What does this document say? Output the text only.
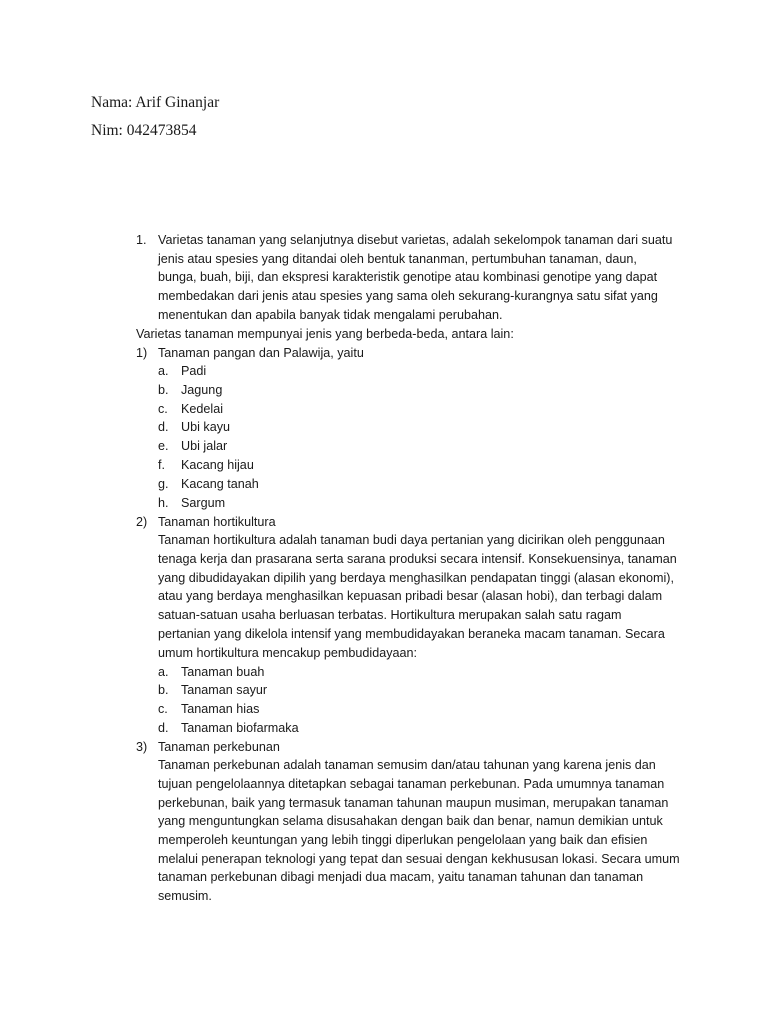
Nama: Arif Ginanjar
Nim: 042473854
1. Varietas tanaman yang selanjutnya disebut varietas, adalah sekelompok tanaman dari suatu
jenis atau spesies yang ditandai oleh bentuk tananman, pertumbuhan tanaman, daun,
bunga, buah, biji, dan ekspresi karakteristik genotipe atau kombinasi genotipe yang dapat
membedakan dari jenis atau spesies yang sama oleh sekurang-kurangnya satu sifat yang
menentukan dan apabila banyak tidak mengalami perubahan.
Varietas tanaman mempunyai jenis yang berbeda-beda, antara lain:
1) Tanaman pangan dan Palawija, yaitu
a. Padi
b. Jagung
c. Kedelai
d. Ubi kayu
e. Ubi jalar
f. Kacang hijau
g. Kacang tanah
h. Sargum
2) Tanaman hortikultura
Tanaman hortikultura adalah tanaman budi daya pertanian yang dicirikan oleh penggunaan
tenaga kerja dan prasarana serta sarana produksi secara intensif. Konsekuensinya, tanaman
yang dibudidayakan dipilih yang berdaya menghasilkan pendapatan tinggi (alasan ekonomi),
atau yang berdaya menghasilkan kepuasan pribadi besar (alasan hobi), dan terbagi dalam
satuan-satuan usaha berluasan terbatas. Hortikultura merupakan salah satu ragam
pertanian yang dikelola intensif yang membudidayakan beraneka macam tanaman. Secara
umum hortikultura mencakup pembudidayaan:
a. Tanaman buah
b. Tanaman sayur
c. Tanaman hias
d. Tanaman biofarmaka
3) Tanaman perkebunan
Tanaman perkebunan adalah tanaman semusim dan/atau tahunan yang karena jenis dan
tujuan pengelolaannya ditetapkan sebagai tanaman perkebunan. Pada umumnya tanaman
perkebunan, baik yang termasuk tanaman tahunan maupun musiman, merupakan tanaman
yang menguntungkan selama disusahakan dengan baik dan benar, namun demikian untuk
memperoleh keuntungan yang lebih tinggi diperlukan pengelolaan yang baik dan efisien
melalui penerapan teknologi yang tepat dan sesuai dengan kekhususan lokasi. Secara umum
tanaman perkebunan dibagi menjadi dua macam, yaitu tanaman tahunan dan tanaman
semusim.
